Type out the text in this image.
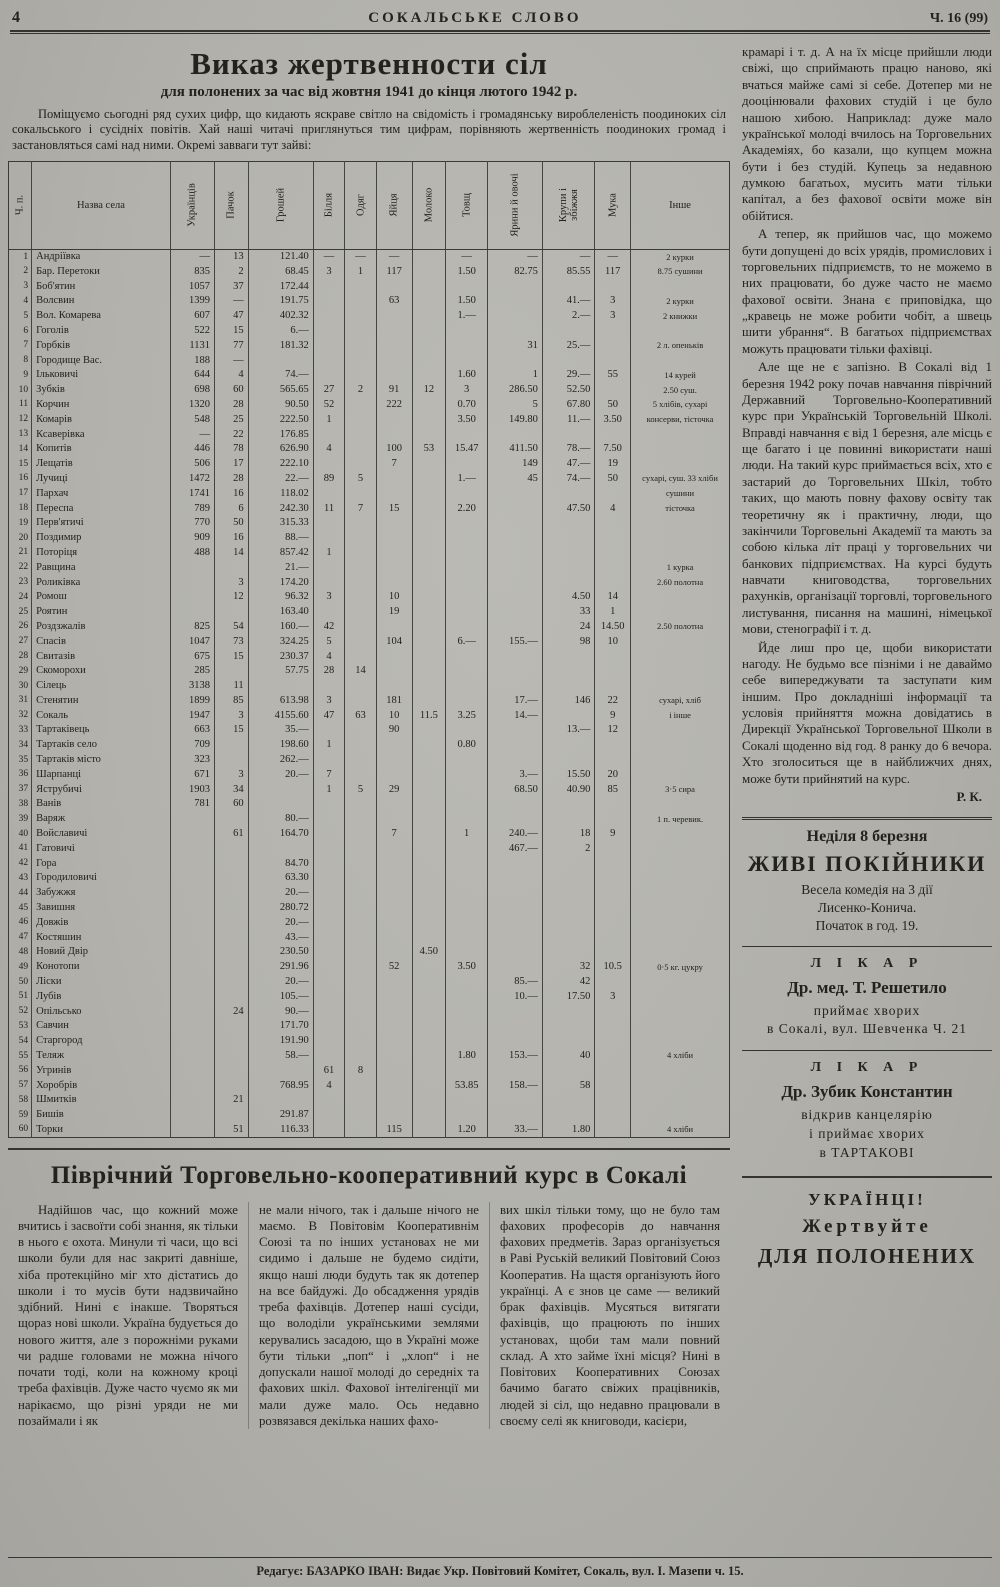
4	СОКАЛЬСЬКЕ СЛОВО	Ч. 16 (99)
Виказ жертвенности сіл
для полонених за час від жовтня 1941 до кінця лютого 1942 р.

Поміщуємо сьогодні ряд сухих цифр, що кидають яскраве світло на свідомість і громадянську вироблеленість поодиноких сіл сокальського і сусідніх повітів. Хай наші читачі приглянуться тим цифрам, порівняють жертвенність поодиноких громад і застановляться самі над ними. Окремі завваги тут зайві:

Ч. п.	Назва села	Українців	Пачок	Грошей	Білля	Одяг	Яйця	Молоко	Товщ	Ярини й овочі	Крупи і збіжжя	Мука	Інше
1	Андріївка	—	13	121.40	—	—	—		—	—	—	—	2 курки
2	Бар. Перетоки	835	2	68.45	3	1	117		1.50	82.75	85.55	117	8.75 сушини
3	Боб'ятин	1057	37	172.44									
4	Волсвин	1399	—	191.75			63		1.50		41.—	3	2 курки
5	Вол. Комарева	607	47	402.32					1.—		2.—	3	2 книжки
6	Гоголів	522	15	6.—									
7	Горбків	1131	77	181.32						31	25.—		2 л. опеньків
8	Городище Вас.	188	—										
9	Ільковичі	644	4	74.—					1.60	1	29.—	55	14 курей
10	Зубків	698	60	565.65	27	2	91	12	3	286.50	52.50		2.50 суш.
11	Корчин	1320	28	90.50	52		222		0.70	5	67.80	50	5 хлібів, сухарі
12	Комарів	548	25	222.50	1				3.50	149.80	11.—	3.50	консерви, тісточка
13	Ксаверівка	—	22	176.85									
14	Копитів	446	78	626.90	4		100	53	15.47	411.50	78.—	7.50	
15	Лещатів	506	17	222.10			7			149	47.—	19	
16	Лучиці	1472	28	22.—	89	5			1.—	45	74.—	50	сухарі, суш. 33 хліби
17	Пархач	1741	16	118.02									сушини
18	Переспа	789	6	242.30	11	7	15		2.20		47.50	4	тісточка
19	Перв'ятичі	770	50	315.33									
20	Поздимир	909	16	88.—									
21	Поторіця	488	14	857.42	1								
22	Равщина			21.—									1 курка
23	Роликівка		3	174.20									2.60 полотна
24	Ромош		12	96.32	3		10				4.50	14	
25	Роятин			163.40			19				33	1	
26	Роздзжалів	825	54	160.—	42						24	14.50	2.50 полотна
27	Спасів	1047	73	324.25	5		104		6.—	155.—	98	10	
28	Свитазів	675	15	230.37	4								
29	Скоморохи	285		57.75	28	14							
30	Сілець	3138	11										
31	Стенятин	1899	85	613.98	3		181			17.—	146	22	сухарі, хліб
32	Сокаль	1947	3	4155.60	47	63	10	11.5	3.25	14.—		9	і інше
33	Тартаківець	663	15	35.—			90				13.—	12	
34	Тартаків село	709		198.60	1				0.80				
35	Тартаків місто	323		262.—									
36	Шарпанці	671	3	20.—	7					3.—	15.50	20	
37	Яструбичі	1903	34		1	5	29			68.50	40.90	85	3·5 сира
38	Ванів	781	60										
39	Варяж			80.—									1 п. черевик.
40	Войславичі		61	164.70			7		1	240.—	18	9	
41	Гатовичі									467.—	2		
42	Гора			84.70									
43	Городиловичі			63.30									
44	Забужжя			20.—									
45	Завишня			280.72									
46	Довжів			20.—									
47	Костяшин			43.—									
48	Новий Двір			230.50				4.50					
49	Конотопи			291.96			52		3.50		32	10.5	0·5 кг. цукру
50	Ліски			20.—						85.—	42		
51	Лубів			105.—						10.—	17.50	3	
52	Опільсько		24	90.—									
53	Савчин			171.70									
54	Старгород			191.90									
55	Теляж			58.—					1.80	153.—	40		4 хліби
56	Угринів				61	8							
57	Хоробрів			768.95	4				53.85	158.—	58		
58	Шмитків		21										
59	Бишів			291.87									
60	Торки		51	116.33			115		1.20	33.—	1.80		4 хліби
Піврічний Торговельно-кооперативний курс в Сокалі
Надійшов час, що кожний може вчитись і засвоїти собі знання, як тільки в нього є охота. Минули ті часи, що всі школи були для нас закриті давніше, хіба протекційно міг хто дістатись до школи і то мусів бути надзвичайно здібний. Нині є інакше. Творяться щораз нові школи. Україна будується до нового життя, але з порожніми руками чи радше головами не можна нічого почати тоді, коли на кожному кроці треба фахівців. Дуже часто чуємо як ми нарікаємо, що різні уряди не ми позаймали і як
не мали нічого, так і дальше нічого не маємо. В Повітовім Кооперативнім Союзі та по інших установах не ми сидимо і дальше не будемо сидіти, якщо наші люди будуть так як дотепер на все байдужі. До обсадження урядів треба фахівців. Дотепер наші сусіди, що володіли українськими землями керувались засадою, що в Україні може бути тільки „поп“ і „хлоп“ і не допускали нашої молоді до середніх та фахових шкіл. Фахової інтелігенції ми мали дуже мало. Ось недавно розвязався декілька наших фахо-
вих шкіл тільки тому, що не було там фахових професорів до навчання фахових предметів. Зараз організується в Раві Руській великий Повітовий Союз Кооператив. На щастя організують його українці. А є знов це саме — великий брак фахівців. Мусяться витягати фахівців, що працюють по інших установах, щоби там мали повний склад. А хто займе їхні місця? Нині в Повітових Кооперативних Союзах бачимо багато свіжих працівників, людей зі сіл, що недавно працювали в своєму селі як книговоди, касієри,

крамарі і т. д. А на їх місце прийшли люди свіжі, що сприймають працю наново, які вчаться майже самі зі себе. Дотепер ми не дооцінювали фахових студій і це було нашою хибою. Наприклад: дуже мало української молоді вчилось на Торговельних Академіях, бо казали, що купцем можна бути і без студій. Купець за недавною думкою багатьох, мусить мати тільки капітал, а без фахової освіти може він обійтися.

А тепер, як прийшов час, що можемо бути допущені до всіх урядів, промислових і торговельних підприємств, то не можемо в них працювати, бо дуже часто не маємо фахової освіти. Знана є приповідка, що „кравець не може робити чобіт, а швець шити убрання“. В багатьох підприємствах можуть працювати тільки фахівці.

Але ще не є запізно. В Сокалі від 1 березня 1942 року почав навчання піврічний Державний Торговельно-Кооперативний курс при Українській Торговельній Школі. Вправді навчання є від 1 березня, але місць є ще багато і це повинні використати наші люди. На такий курс приймається всіх, хто є застарий до Торговельних Шкіл, тобто таких, що мають повну фахову освіту так теоретичну як і практичну, люди, що закінчили Торговельні Академії та мають за собою кілька літ праці у торговельних чи банкових підприємствах. На курсі будуть навчати книговодства, торговельних рахунків, організації торговлі, торговельного листування, писання на машині, німецької мови, стенографії і т. д.

Йде лиш про це, щоби використати нагоду. Не будьмо все пізніми і не даваймо себе випереджувати та заступати ким іншим. Про докладніші інформації та условія прийняття можна довідатись в Дирекції Української Торговельної Школи в Сокалі щоденно від год. 8 ранку до 6 вечора. Хто зголоситься ще в найближчих днях, може бути прийнятий на курс.

Р. К.
Неділя 8 березня
ЖИВІ ПОКІЙНИКИ
Весела комедія на 3 дії
Лисенко-Конича.
Початок в год. 19.
Л І К А Р
Др. мед. Т. Решетило
приймає хворих
в Сокалі, вул. Шевченка Ч. 21
Л І К А Р
Др. Зубик Константин
відкрив канцелярію
і приймає хворих
в ТАРТАКОВІ
УКРАЇНЦІ!
Жертвуйте
ДЛЯ ПОЛОНЕНИХ
Редагує: БАЗАРКО ІВАН: Видає Укр. Повітовий Комітет, Сокаль, вул. І. Мазепи ч. 15.
